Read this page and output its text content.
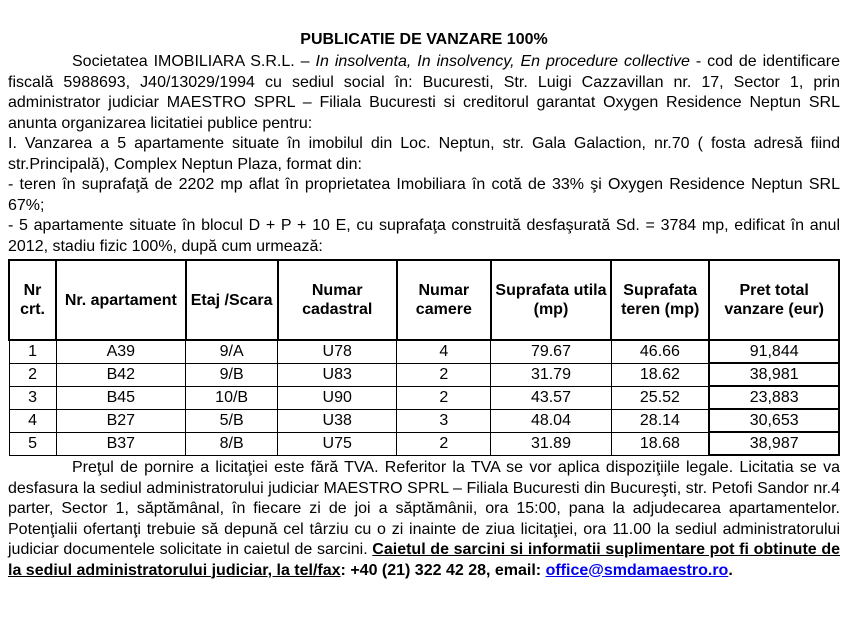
PUBLICATIE DE VANZARE 100%

Societatea IMOBILIARA S.R.L. – In insolventa, In insolvency, En procedure collective - cod de identificare fiscală 5988693, J40/13029/1994 cu sediul social în: Bucuresti, Str. Luigi Cazzavillan nr. 17, Sector 1, prin administrator judiciar MAESTRO SPRL – Filiala Bucuresti si creditorul garantat Oxygen Residence Neptun SRL anunta organizarea licitatiei publice pentru:

I. Vanzarea a 5 apartamente situate în imobilul din Loc. Neptun, str. Gala Galaction, nr.70 ( fosta adresă fiind str.Principală), Complex Neptun Plaza, format din:

- teren în suprafaţă de 2202 mp aflat în proprietatea Imobiliara în cotă de 33% şi Oxygen Residence Neptun SRL 67%;

- 5 apartamente situate în blocul D + P + 10 E, cu suprafaţa construită desfaşurată Sd. = 3784 mp, edificat în anul 2012, stadiu fizic 100%, după cum urmează:

Nr crt.	Nr. apartament	Etaj /Scara	Numar cadastral	Numar camere	Suprafata utila (mp)	Suprafata teren (mp)	Pret total vanzare (eur)
1	A39	9/A	U78	4	79.67	46.66	91,844
2	B42	9/B	U83	2	31.79	18.62	38,981
3	B45	10/B	U90	2	43.57	25.52	23,883
4	B27	5/B	U38	3	48.04	28.14	30,653
5	B37	8/B	U75	2	31.89	18.68	38,987

Preţul de pornire a licitaţiei este fără TVA. Referitor la TVA se vor aplica dispoziţiile legale. Licitatia se va desfasura la sediul administratorului judiciar MAESTRO SPRL – Filiala Bucuresti din Bucureşti, str. Petofi Sandor nr.4 parter, Sector 1, săptămânal, în fiecare zi de joi a săptămânii, ora 15:00, pana la adjudecarea apartamentelor. Potenţialii ofertanţi trebuie să depună cel târziu cu o zi inainte de ziua licitaţiei, ora 11.00 la sediul administratorului judiciar documentele solicitate in caietul de sarcini. Caietul de sarcini si informatii suplimentare pot fi obtinute de la sediul administratorului judiciar, la tel/fax: +40 (21) 322 42 28, email: office@smdamaestro.ro.
